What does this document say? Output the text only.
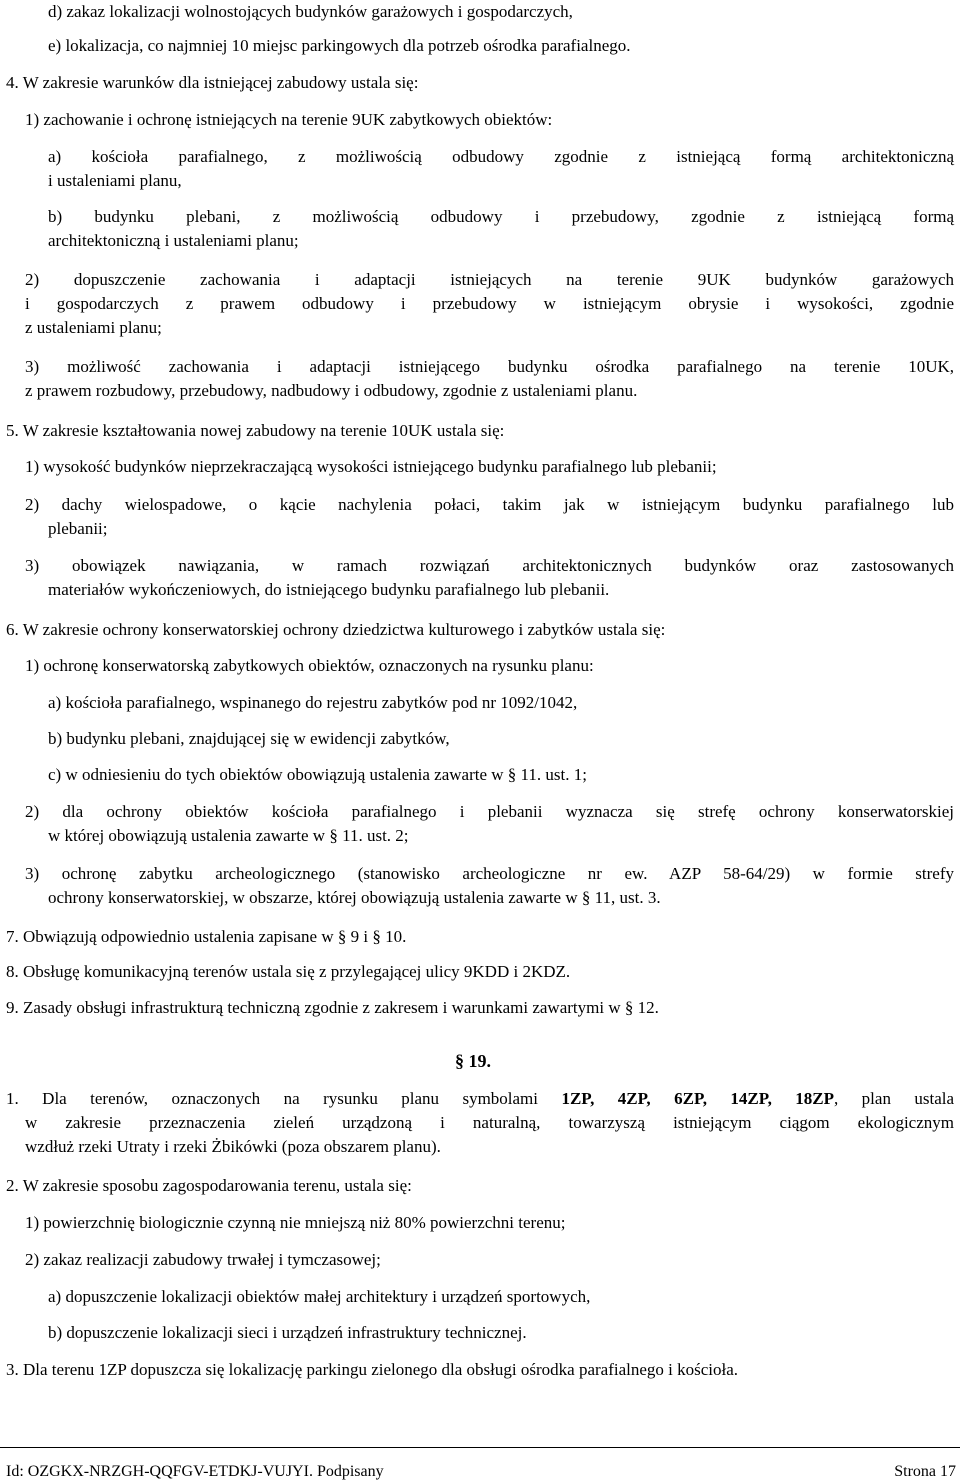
d) zakaz lokalizacji wolnostojących budynków garażowych i gospodarczych,
e) lokalizacja, co najmniej 10 miejsc parkingowych dla potrzeb ośrodka parafialnego.
4. W zakresie warunków dla istniejącej zabudowy ustala się:
1) zachowanie i ochronę istniejących na terenie 9UK zabytkowych obiektów:
a) kościoła parafialnego, z możliwością odbudowy zgodnie z istniejącą formą architektoniczną
i ustaleniami planu,
b) budynku plebani, z możliwością odbudowy i przebudowy, zgodnie z istniejącą formą
architektoniczną i ustaleniami planu;
2) dopuszczenie zachowania i adaptacji istniejących na terenie 9UK budynków garażowych
i gospodarczych z prawem odbudowy i przebudowy w istniejącym obrysie i wysokości, zgodnie
z ustaleniami planu;
3) możliwość zachowania i adaptacji istniejącego budynku ośrodka parafialnego na terenie 10UK,
z prawem rozbudowy, przebudowy, nadbudowy i odbudowy, zgodnie z ustaleniami planu.
5. W zakresie kształtowania nowej zabudowy na terenie 10UK ustala się:
1) wysokość budynków nieprzekraczającą wysokości istniejącego budynku parafialnego lub plebanii;
2) dachy wielospadowe, o kącie nachylenia połaci, takim jak w istniejącym budynku parafialnego lub
plebanii;
3) obowiązek nawiązania, w ramach rozwiązań architektonicznych budynków oraz zastosowanych
materiałów wykończeniowych, do istniejącego budynku parafialnego lub plebanii.
6. W zakresie ochrony konserwatorskiej ochrony dziedzictwa kulturowego i zabytków ustala się:
1) ochronę konserwatorską zabytkowych obiektów, oznaczonych na rysunku planu:
a) kościoła parafialnego, wspinanego do rejestru zabytków pod nr 1092/1042,
b) budynku plebani, znajdującej się w ewidencji zabytków,
c) w odniesieniu do tych obiektów obowiązują ustalenia zawarte w § 11. ust. 1;
2) dla ochrony obiektów kościoła parafialnego i plebanii wyznacza się strefę ochrony konserwatorskiej
w której obowiązują ustalenia zawarte w § 11. ust. 2;
3) ochronę zabytku archeologicznego (stanowisko archeologiczne nr ew. AZP 58-64/29) w formie strefy
ochrony konserwatorskiej, w obszarze, której obowiązują ustalenia zawarte w § 11, ust. 3.
7. Obwiązują odpowiednio ustalenia zapisane w § 9 i § 10.
8. Obsługę komunikacyjną terenów ustala się z przylegającej ulicy 9KDD i 2KDZ.
9. Zasady obsługi infrastrukturą techniczną zgodnie z zakresem i warunkami zawartymi w § 12.
§ 19.
1. Dla terenów, oznaczonych na rysunku planu symbolami 1ZP, 4ZP, 6ZP, 14ZP, 18ZP, plan ustala
w zakresie przeznaczenia zieleń urządzoną i naturalną, towarzyszą istniejącym ciągom ekologicznym
wzdłuż rzeki Utraty i rzeki Żbikówki (poza obszarem planu).
2. W zakresie sposobu zagospodarowania terenu, ustala się:
1) powierzchnię biologicznie czynną nie mniejszą niż 80% powierzchni terenu;
2) zakaz realizacji zabudowy trwałej i tymczasowej;
a) dopuszczenie lokalizacji obiektów małej architektury i urządzeń sportowych,
b) dopuszczenie lokalizacji sieci i urządzeń infrastruktury technicznej.
3. Dla terenu 1ZP dopuszcza się lokalizację parkingu zielonego dla obsługi ośrodka parafialnego i kościoła.
Id: OZGKX-NRZGH-QQFGV-ETDKJ-VUJYI. Podpisany	Strona 17
